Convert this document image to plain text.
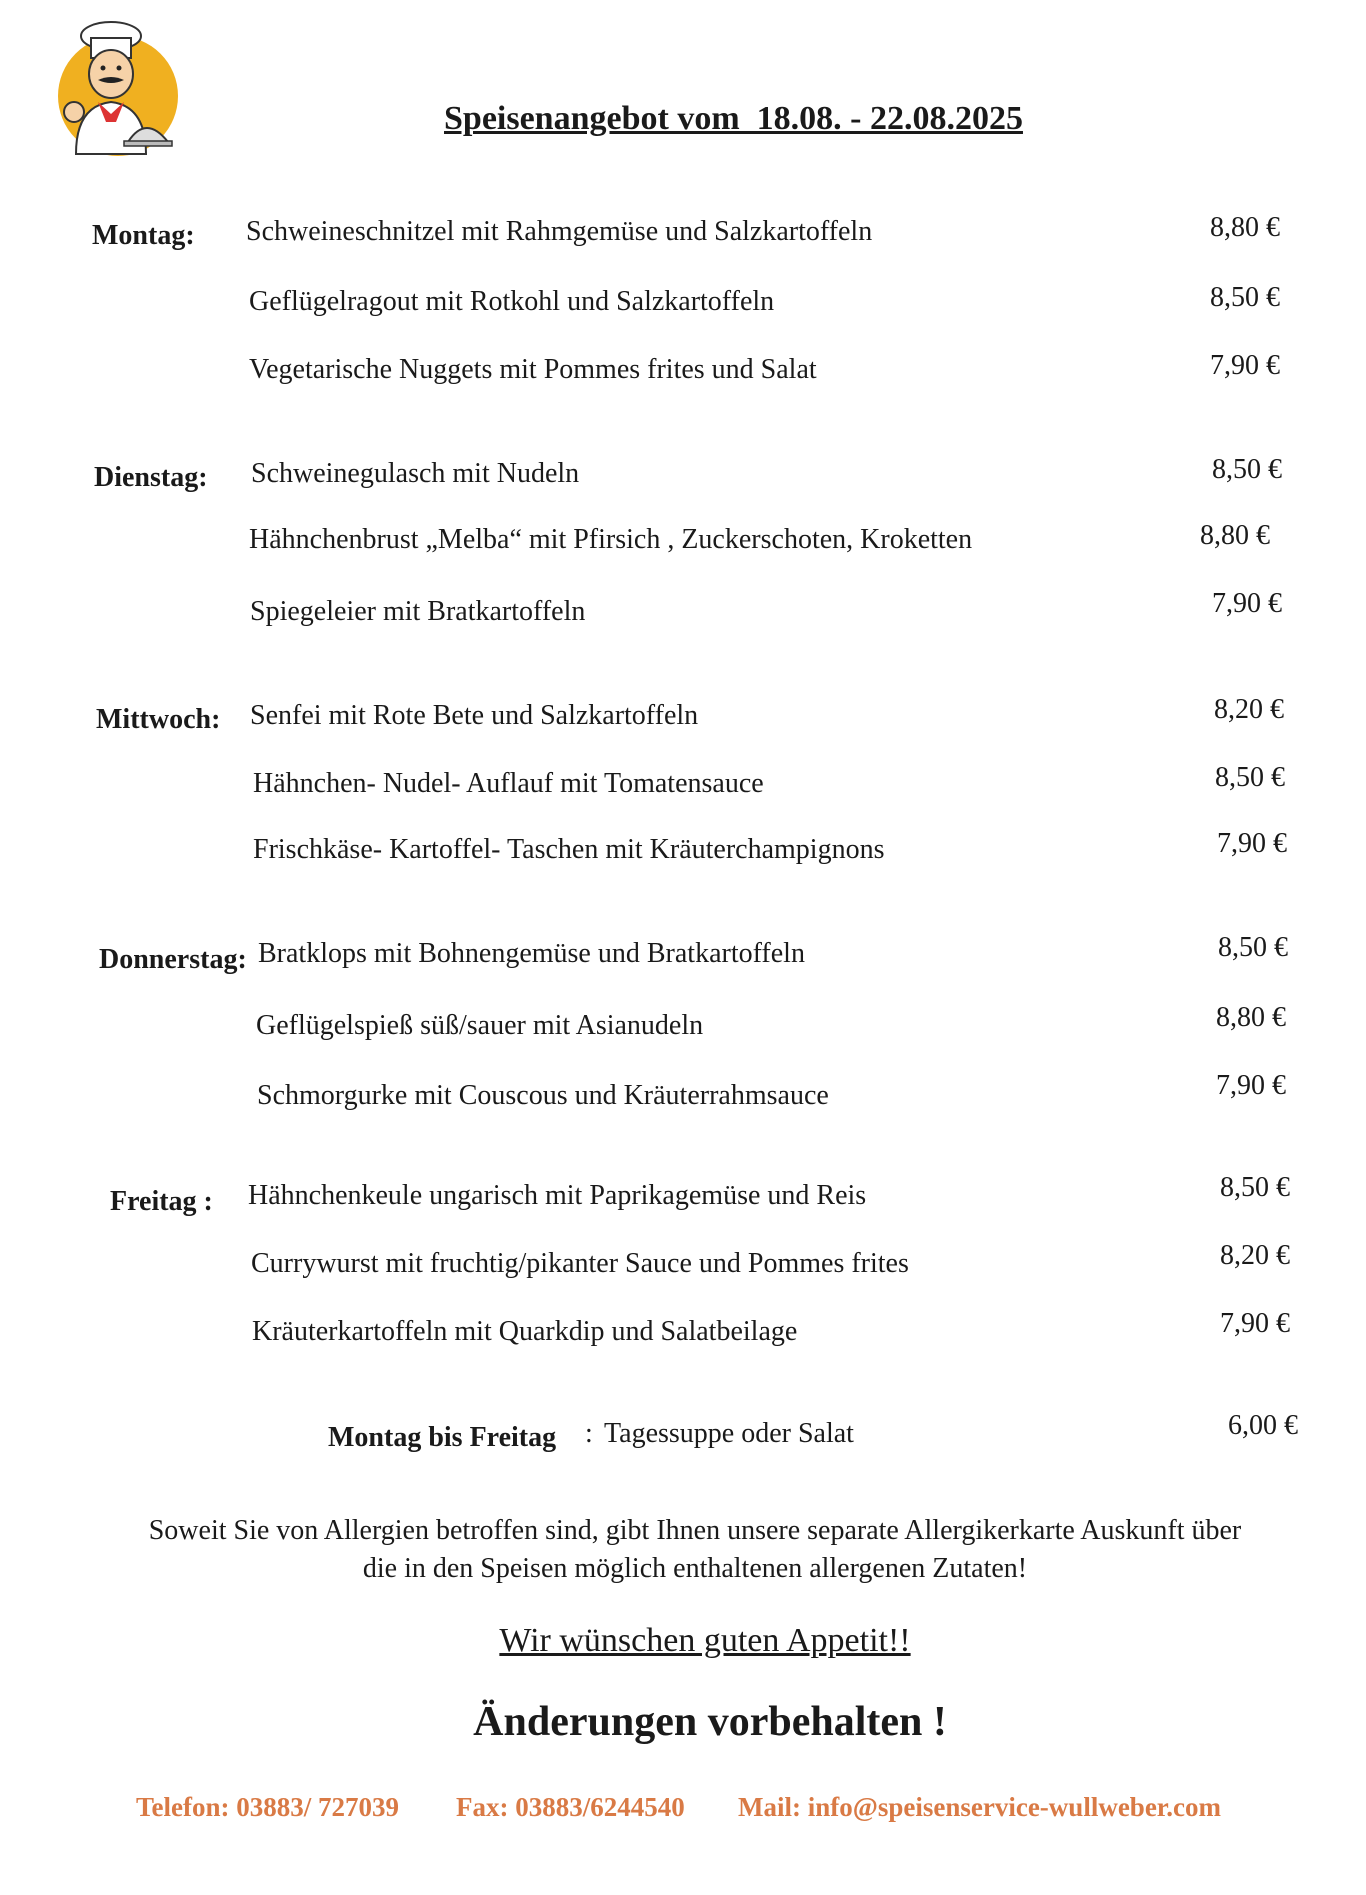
Speisenangebot vom  18.08. - 22.08.2025
Montag: Schweineschnitzel mit Rahmgemüse und Salzkartoffeln	8,80 €
Geflügelragout mit Rotkohl und Salzkartoffeln	8,50 €
Vegetarische Nuggets mit Pommes frites und Salat	7,90 €
Dienstag: Schweinegulasch mit Nudeln	8,50 €
Hähnchenbrust „Melba“ mit Pfirsich , Zuckerschoten, Kroketten	8,80 €
Spiegeleier mit Bratkartoffeln	7,90 €
Mittwoch: Senfei mit Rote Bete und Salzkartoffeln	8,20 €
Hähnchen- Nudel- Auflauf mit Tomatensauce	8,50 €
Frischkäse- Kartoffel- Taschen mit Kräuterchampignons	7,90 €
Donnerstag: Bratklops mit Bohnengemüse und Bratkartoffeln	8,50 €
Geflügelspieß süß/sauer mit Asianudeln	8,80 €
Schmorgurke mit Couscous und Kräuterrahmsauce	7,90 €
Freitag : Hähnchenkeule ungarisch mit Paprikagemüse und Reis	8,50 €
Currywurst mit fruchtig/pikanter Sauce und Pommes frites	8,20 €
Kräuterkartoffeln mit Quarkdip und Salatbeilage	7,90 €
Montag bis Freitag : Tagessuppe oder Salat	6,00 €
Soweit Sie von Allergien betroffen sind, gibt Ihnen unsere separate Allergikerkarte Auskunft über
die in den Speisen möglich enthaltenen allergenen Zutaten!
Wir wünschen guten Appetit!!
Änderungen vorbehalten !
Telefon: 03883/ 727039 Fax: 03883/6244540 Mail: info@speisenservice-wullweber.com
